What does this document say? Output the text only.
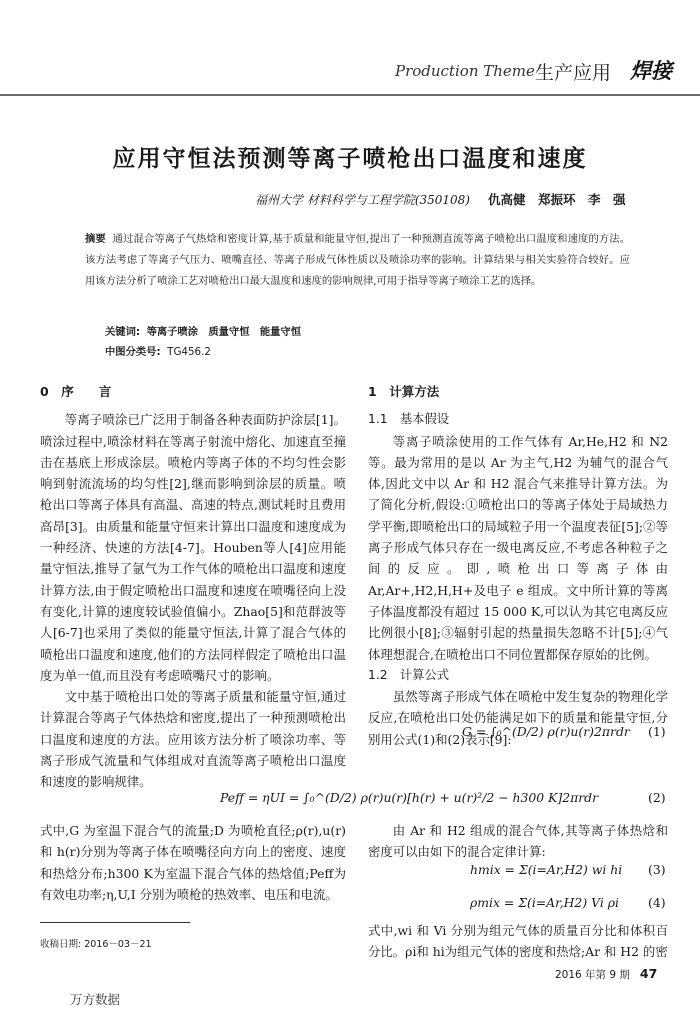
Production Theme 生产应用 焊接
应用守恒法预测等离子喷枪出口温度和速度
福州大学 材料科学与工程学院(350108) 仇高健　郑振环　李　强
摘要 通过混合等离子气热焓和密度计算,基于质量和能量守恒,提出了一种预测直流等离子喷枪出口温度和速度的方法。该方法考虑了等离子气压力、喷嘴直径、等离子形成气体性质以及喷涂功率的影响。计算结果与相关实验符合较好。应用该方法分析了喷涂工艺对喷枪出口最大温度和速度的影响规律,可用于指导等离子喷涂工艺的选择。
关键词: 等离子喷涂　质量守恒　能量守恒
中图分类号: TG456.2
0　序　　言

等离子喷涂已广泛用于制备各种表面防护涂层[1]。喷涂过程中,喷涂材料在等离子射流中熔化、加速直至撞击在基底上形成涂层。喷枪内等离子体的不均匀性会影响到射流流场的均匀性[2],继而影响到涂层的质量。喷枪出口等离子体具有高温、高速的特点,测试耗时且费用高昂[3]。由质量和能量守恒来计算出口温度和速度成为一种经济、快速的方法[4-7]。Houben等人[4]应用能量守恒法,推导了氩气为工作气体的喷枪出口温度和速度计算方法,由于假定喷枪出口温度和速度在喷嘴径向上没有变化,计算的速度较试验值偏小。Zhao[5]和范群波等人[6-7]也采用了类似的能量守恒法,计算了混合气体的喷枪出口温度和速度,他们的方法同样假定了喷枪出口温度为单一值,而且没有考虑喷嘴尺寸的影响。

文中基于喷枪出口处的等离子质量和能量守恒,通过计算混合等离子气体热焓和密度,提出了一种预测喷枪出口温度和速度的方法。应用该方法分析了喷涂功率、等离子形成气流量和气体组成对直流等离子喷枪出口温度和速度的影响规律。

1　计算方法
1.1　基本假设

等离子喷涂使用的工作气体有 Ar,He,H2 和 N2 等。最为常用的是以 Ar 为主气,H2 为辅气的混合气体,因此文中以 Ar 和 H2 混合气来推导计算方法。为了简化分析,假设:①喷枪出口的等离子体处于局域热力学平衡,即喷枪出口的局域粒子用一个温度表征[5];②等离子形成气体只存在一级电离反应,不考虑各种粒子之间的反应。即,喷枪出口等离子体由 Ar,Ar+,H2,H,H+及电子 e 组成。文中所计算的等离子体温度都没有超过 15 000 K,可以认为其它电离反应比例很小[8];③辐射引起的热量损失忽略不计[5];④气体理想混合,在喷枪出口不同位置都保存原始的比例。

1.2　计算公式

虽然等离子形成气体在喷枪中发生复杂的物理化学反应,在喷枪出口处仍能满足如下的质量和能量守恒,分别用公式(1)和(2)表示[9]:

G = ∫₀^(D/2) ρ(r)u(r)2πrdr (1)
Peff = ηUI = ∫₀^(D/2) ρ(r)u(r)[h(r) + u(r)²/2 − h300 K]2πrdr	(2)

式中,G 为室温下混合气的流量;D 为喷枪直径;ρ(r),u(r)和 h(r)分别为等离子体在喷嘴径向方向上的密度、速度和热焓分布;h300 K为室温下混合气体的热焓值;Peff为有效电功率;η,U,I 分别为喷枪的热效率、电压和电流。

由 Ar 和 H2 组成的混合气体,其等离子体热焓和密度可以由如下的混合定律计算:

hmix = Σ(i=Ar,H2) wi hi (3)
ρmix = Σ(i=Ar,H2) Vi ρi (4)

式中,wi 和 Vi 分别为组元气体的质量百分比和体积百分比。ρi和 hi为组元气体的密度和热焓;Ar 和 H2 的密

收稿日期: 2016－03－21
2016 年第 9 期 47
万方数据
